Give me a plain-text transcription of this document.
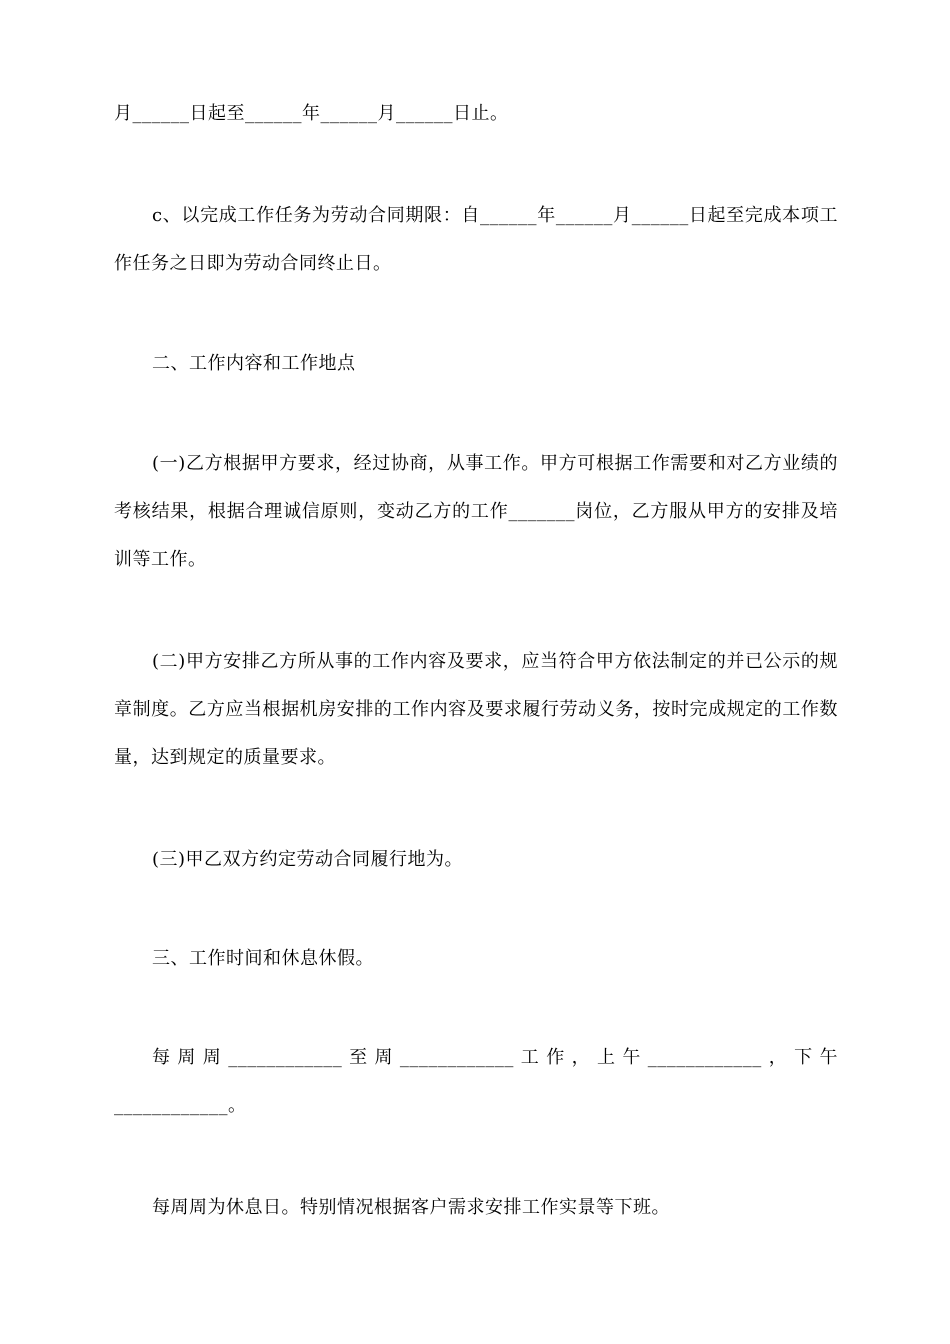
月______日起至______年______月______日止。

c、以完成工作任务为劳动合同期限：自______年______月______日起至完成本项工作任务之日即为劳动合同终止日。

二、工作内容和工作地点

(一)乙方根据甲方要求，经过协商，从事工作。甲方可根据工作需要和对乙方业绩的考核结果，根据合理诚信原则，变动乙方的工作_______岗位，乙方服从甲方的安排及培训等工作。

(二)甲方安排乙方所从事的工作内容及要求，应当符合甲方依法制定的并已公示的规章制度。乙方应当根据机房安排的工作内容及要求履行劳动义务，按时完成规定的工作数量，达到规定的质量要求。

(三)甲乙双方约定劳动合同履行地为。

三、工作时间和休息休假。

每周周____________至周____________工作，上午____________，下午____________。

每周周为休息日。特别情况根据客户需求安排工作实景等下班。
